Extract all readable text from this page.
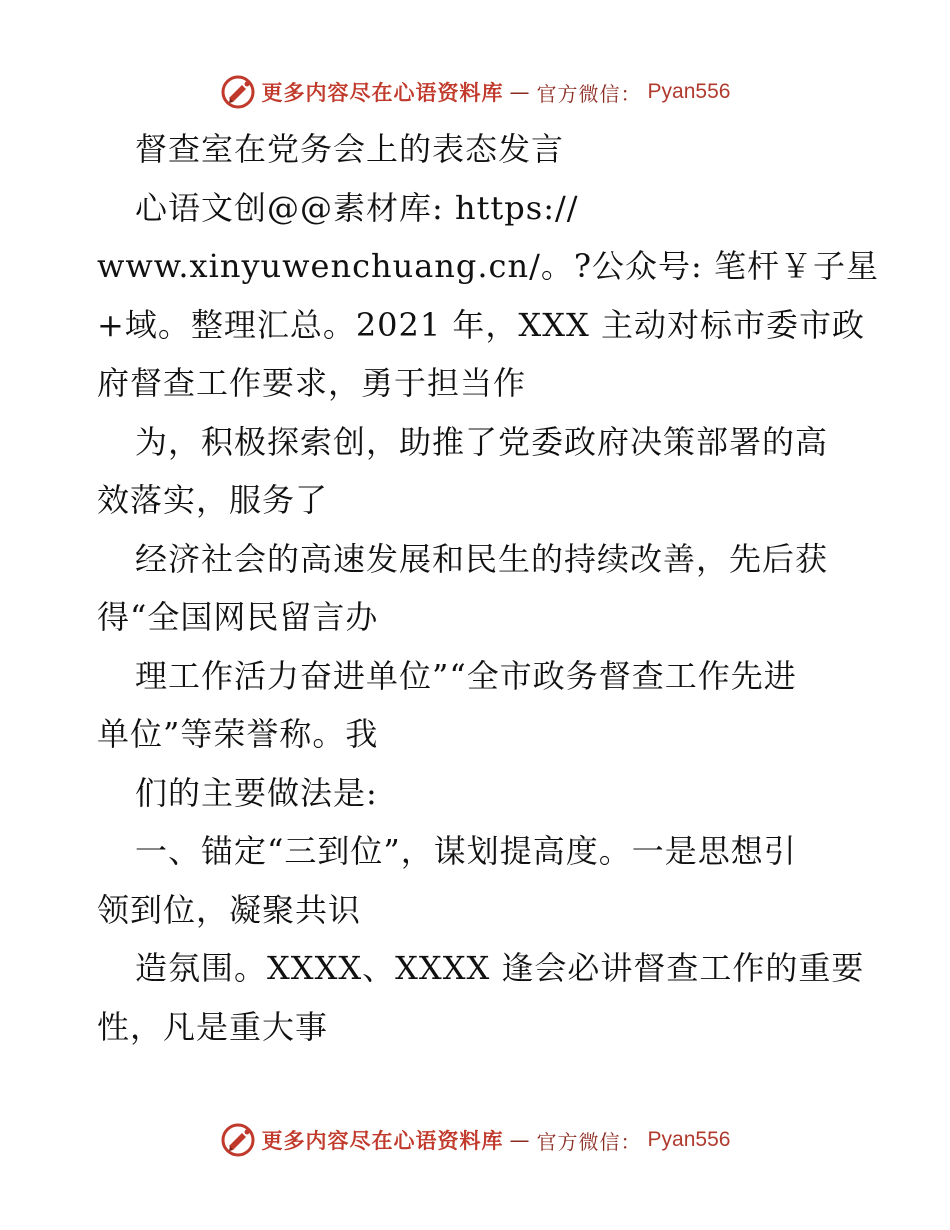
更多内容尽在心语资料库 — 官方微信： Pyan556
督查室在党务会上的表态发言
心语文创@@素材库: https://
www.xinyuwenchuang.cn/。?公众号: 笔杆￥子星
+域。整理汇总。2021 年，XXX 主动对标市委市政
府督查工作要求，勇于担当作
为，积极探索创，助推了党委政府决策部署的高
效落实，服务了
经济社会的高速发展和民生的持续改善，先后获
得“全国网民留言办
理工作活力奋进单位”“全市政务督查工作先进
单位”等荣誉称。我
们的主要做法是:
一、锚定“三到位”，谋划提高度。一是思想引
领到位，凝聚共识
造氛围。XXXX、XXXX 逢会必讲督查工作的重要
性，凡是重大事
更多内容尽在心语资料库 — 官方微信： Pyan556
